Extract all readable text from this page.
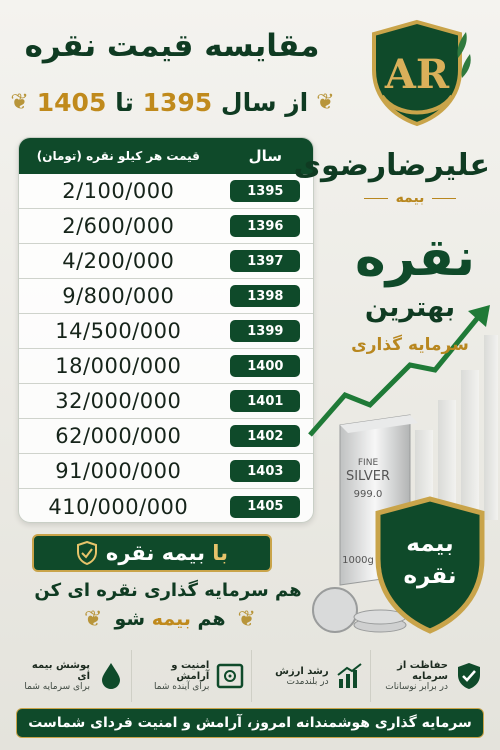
مقایسه قیمت نقره
❦	از سال 1395 تا 1405	❦
قیمت هر کیلو نقره (تومان)	سال
2/100/000	1395
2/600/000	1396
4/200/000	1397
9/800/000	1398
14/500/000	1399
18/000/000	1400
32/000/000	1401
62/000/000	1402
91/000/000	1403
410/000/000	1405
AR
علیرضارضوی
بیمه
FINE
SILVER
999.0
1000g
نقره
بهترین
سرمایه گذاری
بیمه
نقره
با بیمه نقره
هم سرمایه گذاری نقره ای کن
❦	هم بیمه شو	❦
حفاظت از سرمایه
در برابر نوسانات
رشد ارزش
در بلندمدت
امنیت و آرامش
برای آینده شما
پوشش بیمه ای
برای سرمایه شما
سرمایه گذاری هوشمندانه امروز، آرامش و امنیت فردای شماست
